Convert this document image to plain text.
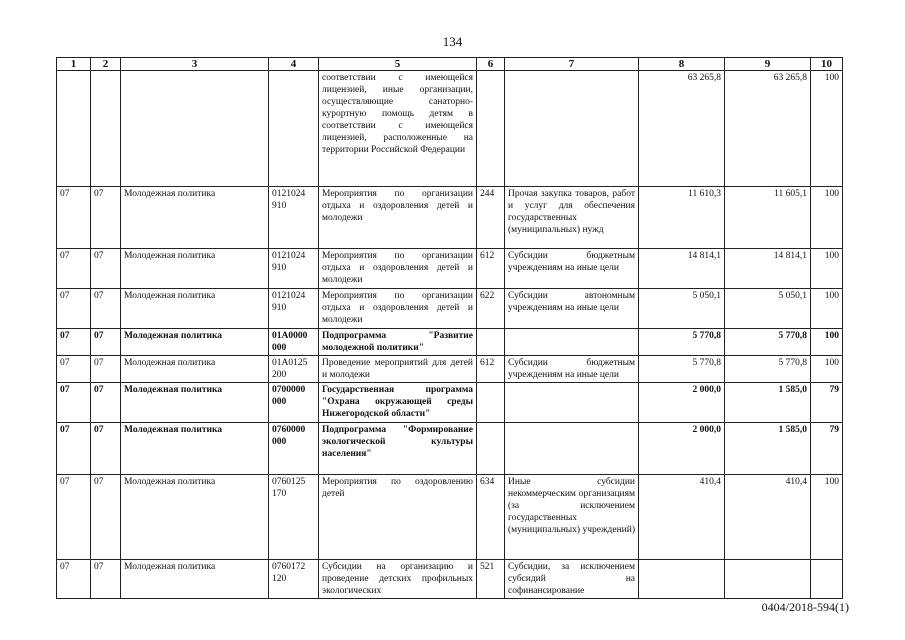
134
1	2	3	4	5	6	7	8	9	10
				соответствии с имеющейся лицензией, иные организации, осуществляющие санаторно-курортную помощь детям в соответствии с имеющейся лицензией, расположенные на территории Российской Федерации			63 265,8	63 265,8	100
07	07	Молодежная политика	0121024 910	Мероприятия по организации отдыха и оздоровления детей и молодежи	244	Прочая закупка товаров, работ и услуг для обеспечения государственных (муниципальных) нужд	11 610,3	11 605,1	100
07	07	Молодежная политика	0121024 910	Мероприятия по организации отдыха и оздоровления детей и молодежи	612	Субсидии бюджетным учреждениям на иные цели	14 814,1	14 814,1	100
07	07	Молодежная политика	0121024 910	Мероприятия по организации отдыха и оздоровления детей и молодежи	622	Субсидии автономным учреждениям на иные цели	5 050,1	5 050,1	100
07	07	Молодежная политика	01А0000 000	Подпрограмма "Развитие молодежной политики"			5 770,8	5 770,8	100
07	07	Молодежная политика	01А0125 200	Проведение мероприятий для детей и молодежи	612	Субсидии бюджетным учреждениям на иные цели	5 770,8	5 770,8	100
07	07	Молодежная политика	0700000 000	Государственная программа "Охрана окружающей среды Нижегородской области"			2 000,0	1 585,0	79
07	07	Молодежная политика	0760000 000	Подпрограмма "Формирование экологической культуры населения"			2 000,0	1 585,0	79
07	07	Молодежная политика	0760125 170	Мероприятия по оздоровлению детей	634	Иные субсидии некоммерческим организациям (за исключением государственных (муниципальных) учреждений)	410,4	410,4	100
07	07	Молодежная политика	0760172 120	Субсидии на организацию и проведение детских профильных экологических	521	Субсидии, за исключением субсидий на софинансирование			
0404/2018-594(1)
